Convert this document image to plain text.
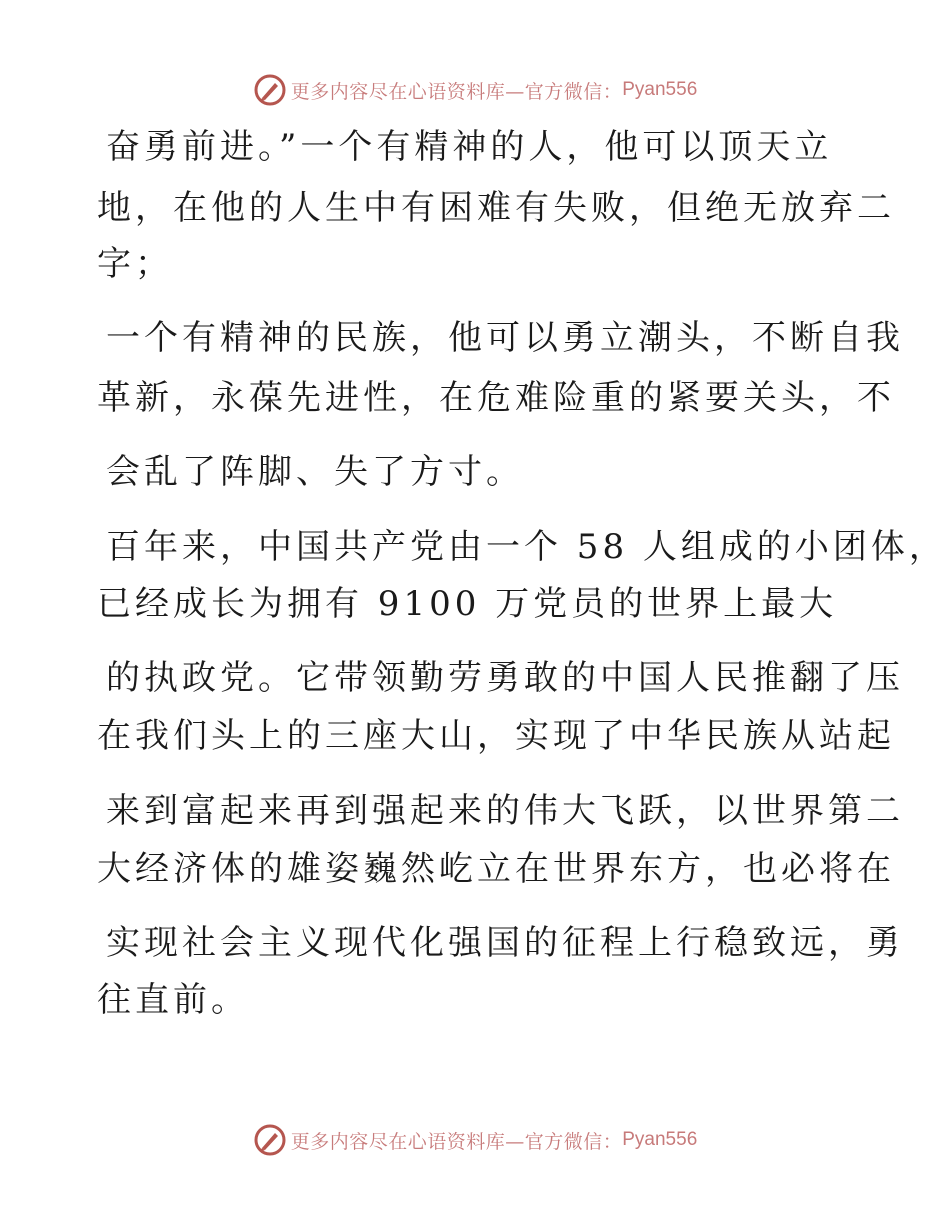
更多内容尽在心语资料库—官方微信： Pyan556
奋勇前进。”一个有精神的人，他可以顶天立
地，在他的人生中有困难有失败，但绝无放弃二
字；
一个有精神的民族，他可以勇立潮头，不断自我
革新，永葆先进性，在危难险重的紧要关头，不
会乱了阵脚、失了方寸。
百年来，中国共产党由一个 58 人组成的小团体，
已经成长为拥有 9100 万党员的世界上最大
的执政党。它带领勤劳勇敢的中国人民推翻了压
在我们头上的三座大山，实现了中华民族从站起
来到富起来再到强起来的伟大飞跃，以世界第二
大经济体的雄姿巍然屹立在世界东方，也必将在
实现社会主义现代化强国的征程上行稳致远，勇
往直前。
更多内容尽在心语资料库—官方微信： Pyan556
